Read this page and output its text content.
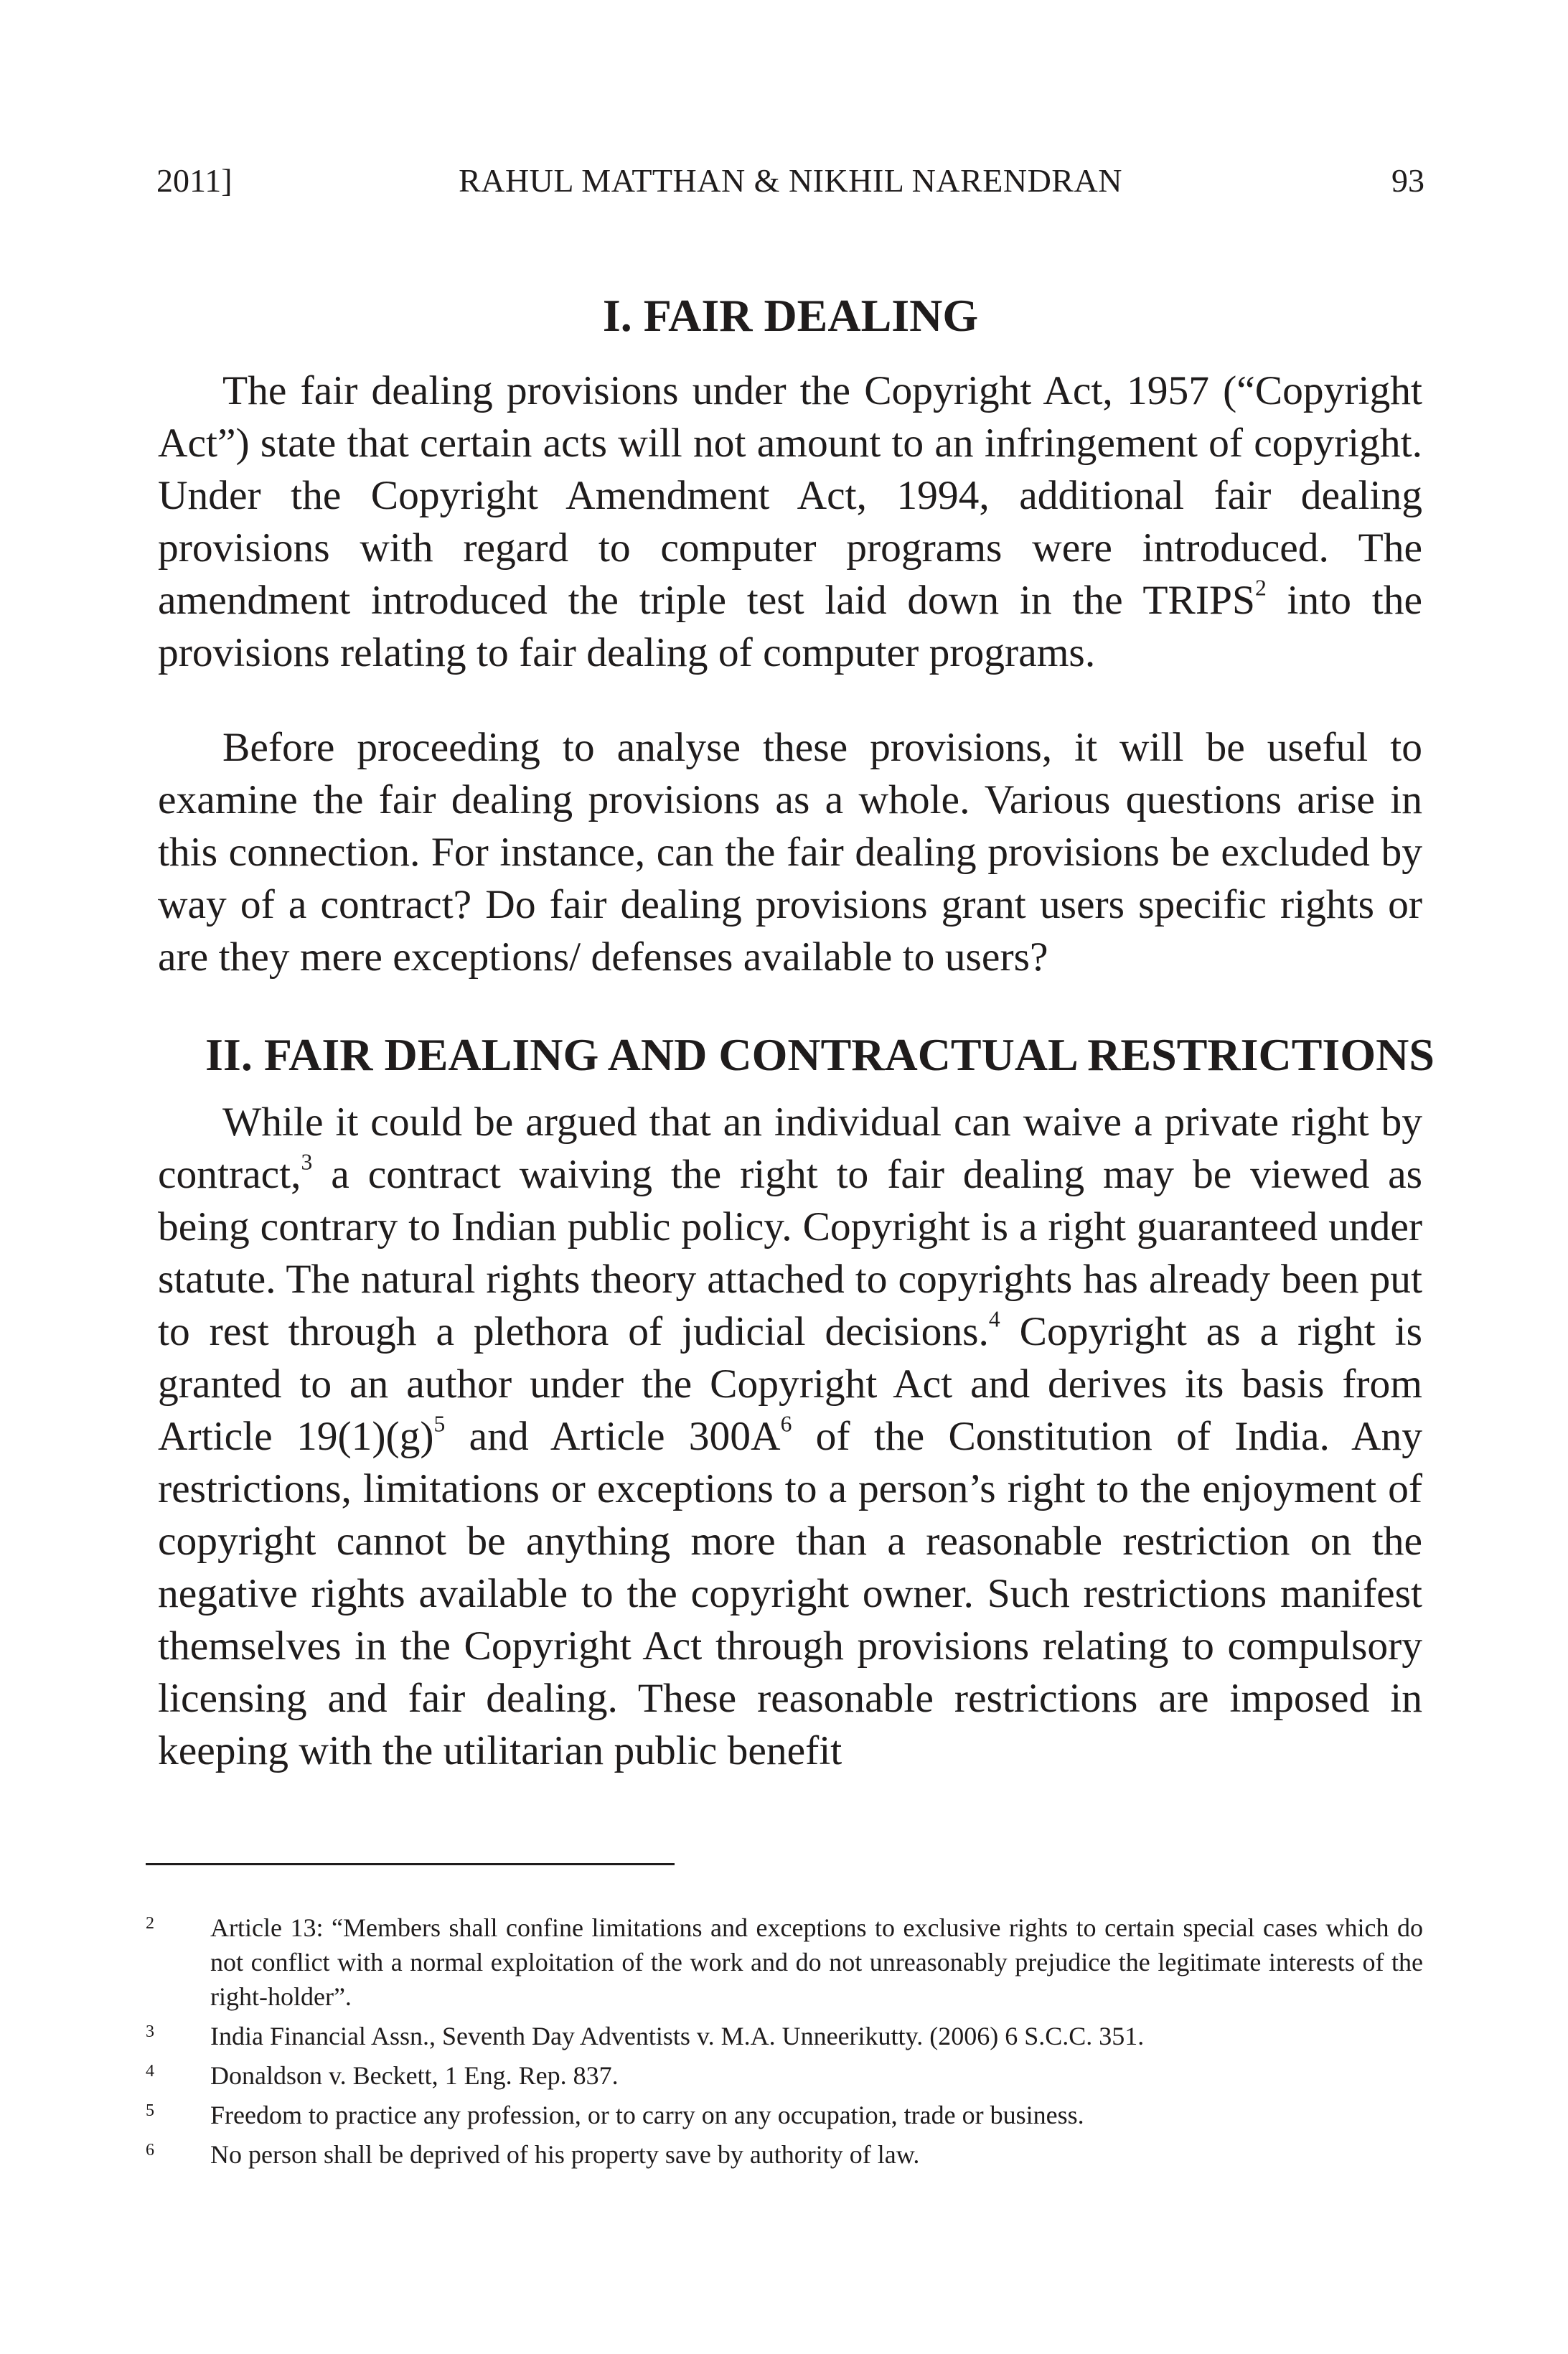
2011]	RAHUL MATTHAN & NIKHIL NARENDRAN	93
I. FAIR DEALING

The fair dealing provisions under the Copyright Act, 1957 (“Copyright Act”) state that certain acts will not amount to an infringement of copyright. Under the Copyright Amendment Act, 1994, additional fair dealing provisions with regard to computer programs were introduced. The amendment introduced the triple test laid down in the TRIPS$^2$ into the provisions relating to fair dealing of computer programs.

Before proceeding to analyse these provisions, it will be useful to examine the fair dealing provisions as a whole. Various questions arise in this connection. For instance, can the fair dealing provisions be excluded by way of a contract? Do fair dealing provisions grant users specific rights or are they mere exceptions/ defenses available to users?

II. FAIR DEALING AND CONTRACTUAL RESTRICTIONS

While it could be argued that an individual can waive a private right by contract,$^3$ a contract waiving the right to fair dealing may be viewed as being contrary to Indian public policy. Copyright is a right guaranteed under statute. The natural rights theory attached to copyrights has already been put to rest through a plethora of judicial decisions.$^4$ Copyright as a right is granted to an author under the Copyright Act and derives its basis from Article $19(1)(g)^5$ and Article $300A^6$ of the Constitution of India. Any restrictions, limitations or exceptions to a person’s right to the enjoyment of copyright cannot be anything more than a reasonable restriction on the negative rights available to the copyright owner. Such restrictions manifest themselves in the Copyright Act through provisions relating to compulsory licensing and fair dealing. These reasonable restrictions are imposed in keeping with the utilitarian public benefit

2 Article 13: “Members shall confine limitations and exceptions to exclusive rights to certain special cases which do not conflict with a normal exploitation of the work and do not unreasonably prejudice the legitimate interests of the right-holder”.
3 India Financial Assn., Seventh Day Adventists v. M.A. Unneerikutty. (2006) 6 S.C.C. 351.
4 Donaldson v. Beckett, 1 Eng. Rep. 837.
5 Freedom to practice any profession, or to carry on any occupation, trade or business.
6 No person shall be deprived of his property save by authority of law.
